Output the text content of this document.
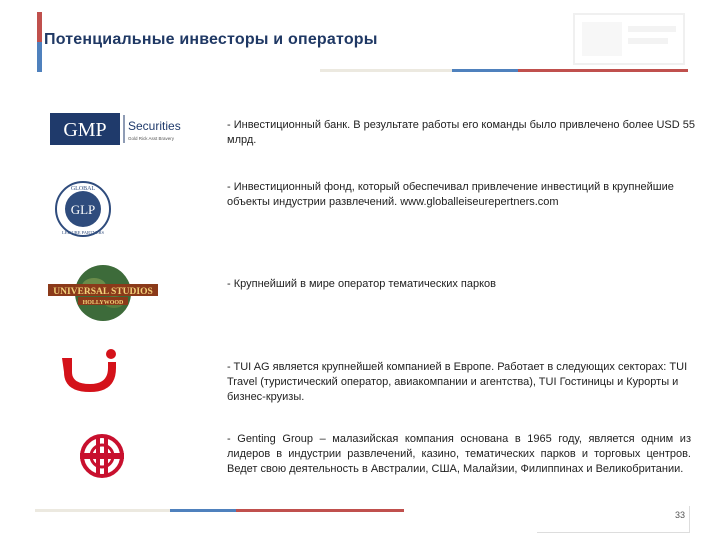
Потенциальные инвесторы и операторы
GMP Securities
Gold Rick Asst Bravery
GLOBAL
LEISURE PARTNERS
GLP
UNIVERSAL STUDIOS
HOLLYWOOD
- Инвестиционный банк. В результате работы его команды было привлечено более USD 55 млрд.
- Инвестиционный фонд, который обеспечивал привлечение инвестиций в крупнейшие объекты индустрии развлечений. www.globalleiseurepertners.com
- Крупнейший в мире оператор тематических парков
- TUI AG является крупнейшей компанией в Европе. Работает в следующих секторах: TUI Travel (туристический оператор, авиакомпании и агентства), TUI Гостиницы и Курорты и бизнес-круизы.
- Genting Group – малазийская компания основана в 1965 году, является одним из лидеров в индустрии развлечений, казино, тематических парков и торговых центров. Ведет свою деятельность в Австралии, США, Малайзии, Филиппинах и Великобритании.
33
